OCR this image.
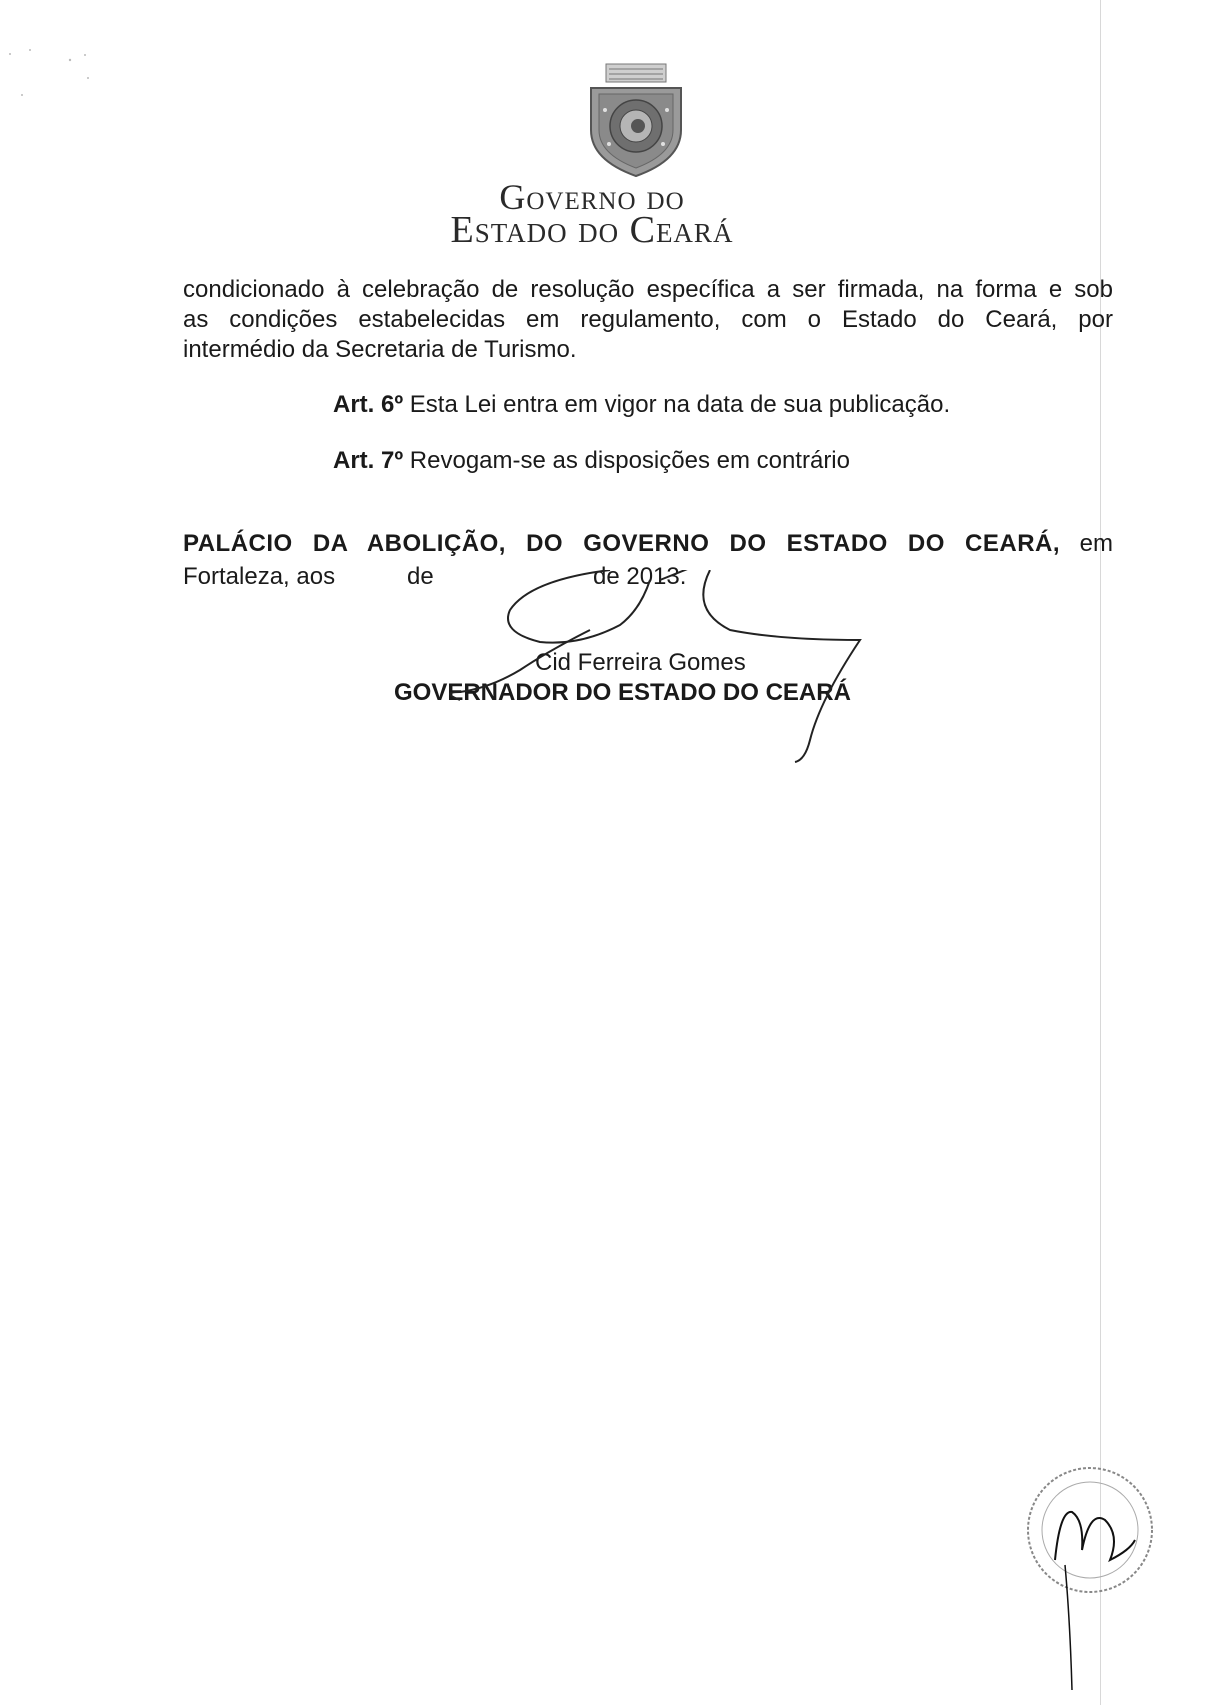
Governo do
Estado do Ceará
condicionado à celebração de resolução específica a ser firmada, na forma e sob
as condições estabelecidas em regulamento, com o Estado do Ceará, por
intermédio da Secretaria de Turismo.
Art. 6º Esta Lei entra em vigor na data de sua publicação.
Art. 7º Revogam-se as disposições em contrário
PALÁCIO DA ABOLIÇÃO, DO GOVERNO DO ESTADO DO CEARÁ, em
Fortaleza, aos	de	de 2013.
Cid Ferreira Gomes
GOVERNADOR DO ESTADO DO CEARÁ
